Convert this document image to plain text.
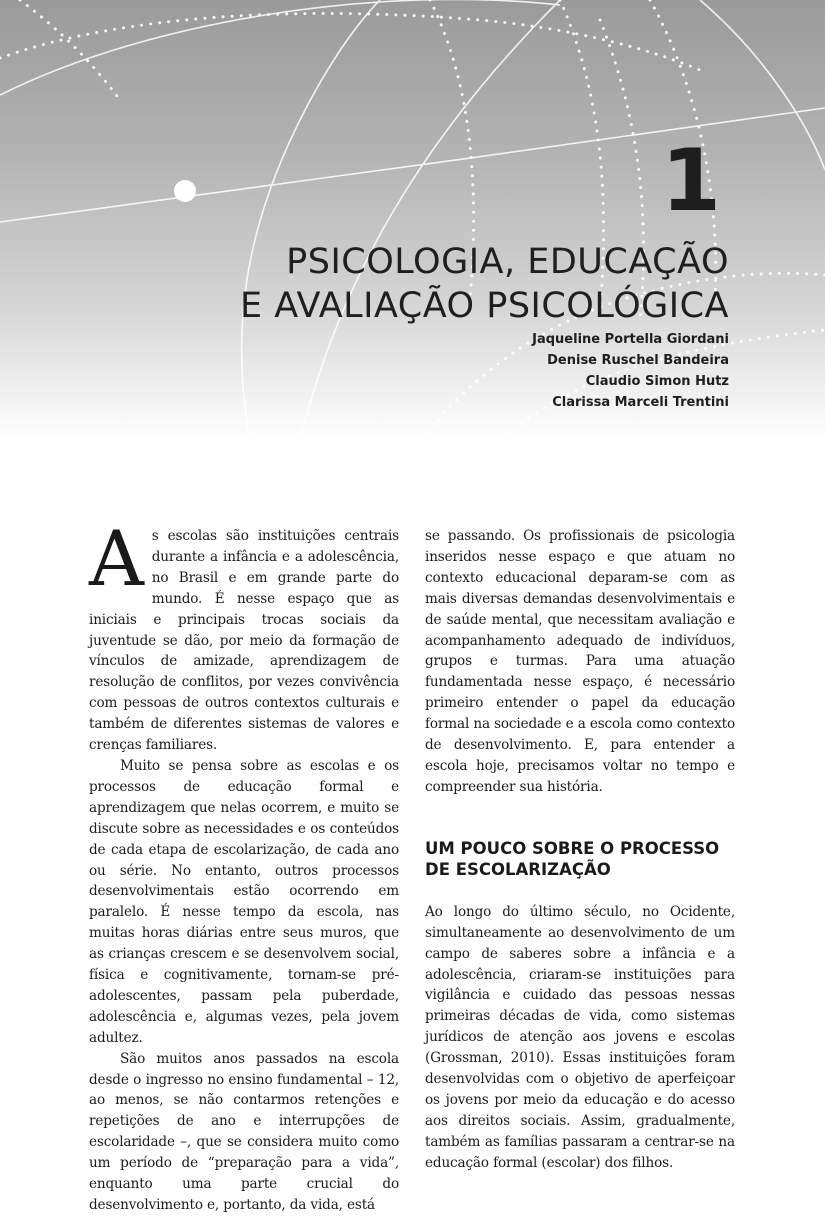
1
PSICOLOGIA, EDUCAÇÃO
E AVALIAÇÃO PSICOLÓGICA
Jaqueline Portella Giordani
Denise Ruschel Bandeira
Claudio Simon Hutz
Clarissa Marceli Trentini

As escolas são instituições centrais durante a infância e a adolescência, no Brasil e em grande parte do mundo. É nesse espaço que as iniciais e principais trocas sociais da juventude se dão, por meio da formação de vínculos de amizade, aprendizagem de resolução de conflitos, por vezes convivência com pessoas de outros contextos culturais e também de diferentes sistemas de valores e crenças familiares.

Muito se pensa sobre as escolas e os processos de educação formal e aprendizagem que nelas ocorrem, e muito se discute sobre as necessidades e os conteúdos de cada etapa de escolarização, de cada ano ou série. No entanto, outros processos desenvolvimentais estão ocorrendo em paralelo. É nesse tempo da escola, nas muitas horas diárias entre seus muros, que as crianças crescem e se desenvolvem social, física e cognitivamente, tornam-se pré-adolescentes, passam pela puberdade, adolescência e, algumas vezes, pela jovem adultez.

São muitos anos passados na escola desde o ingresso no ensino fundamental – 12, ao menos, se não contarmos retenções e repetições de ano e interrupções de escolaridade –, que se considera muito como um período de “preparação para a vida”, enquanto uma parte crucial do desenvolvimento e, portanto, da vida, está

se passando. Os profissionais de psicologia inseridos nesse espaço e que atuam no contexto educacional deparam-se com as mais diversas demandas desenvolvimentais e de saúde mental, que necessitam avaliação e acompanhamento adequado de indivíduos, grupos e turmas. Para uma atuação fundamentada nesse espaço, é necessário primeiro entender o papel da educação formal na sociedade e a escola como contexto de desenvolvimento. E, para entender a escola hoje, precisamos voltar no tempo e compreender sua história.

UM POUCO SOBRE O PROCESSO
DE ESCOLARIZAÇÃO

Ao longo do último século, no Ocidente, simultaneamente ao desenvolvimento de um campo de saberes sobre a infância e a adolescência, criaram-se instituições para vigilância e cuidado das pessoas nessas primeiras décadas de vida, como sistemas jurídicos de atenção aos jovens e escolas (Grossman, 2010). Essas instituições foram desenvolvidas com o objetivo de aperfeiçoar os jovens por meio da educação e do acesso aos direitos sociais. Assim, gradualmente, também as famílias passaram a centrar-se na educação formal (escolar) dos filhos.
